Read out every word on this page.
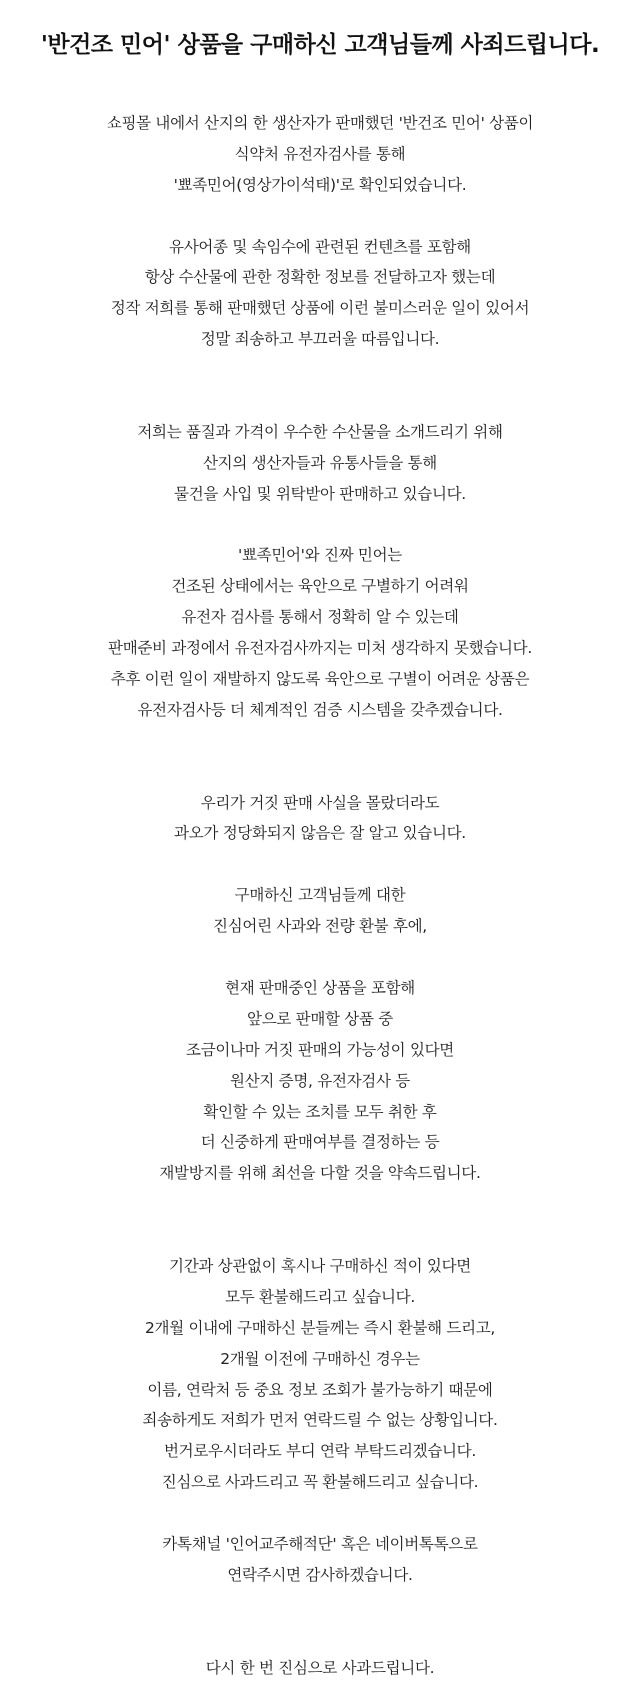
'반건조 민어' 상품을 구매하신 고객님들께 사죄드립니다.
쇼핑몰 내에서 산지의 한 생산자가 판매했던 '반건조 민어' 상품이
식약처 유전자검사를 통해
'뾰족민어(영상가이석태)'로 확인되었습니다.
유사어종 및 속임수에 관련된 컨텐츠를 포함해
항상 수산물에 관한 정확한 정보를 전달하고자 했는데
정작 저희를 통해 판매했던 상품에 이런 불미스러운 일이 있어서
정말 죄송하고 부끄러울 따름입니다.
저희는 품질과 가격이 우수한 수산물을 소개드리기 위해
산지의 생산자들과 유통사들을 통해
물건을 사입 및 위탁받아 판매하고 있습니다.
'뾰족민어'와 진짜 민어는
건조된 상태에서는 육안으로 구별하기 어려워
유전자 검사를 통해서 정확히 알 수 있는데
판매준비 과정에서 유전자검사까지는 미처 생각하지 못했습니다.
추후 이런 일이 재발하지 않도록 육안으로 구별이 어려운 상품은
유전자검사등 더 체계적인 검증 시스템을 갖추겠습니다.
우리가 거짓 판매 사실을 몰랐더라도
과오가 정당화되지 않음은 잘 알고 있습니다.
구매하신 고객님들께 대한
진심어린 사과와 전량 환불 후에,
현재 판매중인 상품을 포함해
앞으로 판매할 상품 중
조금이나마 거짓 판매의 가능성이 있다면
원산지 증명, 유전자검사 등
확인할 수 있는 조치를 모두 취한 후
더 신중하게 판매여부를 결정하는 등
재발방지를 위해 최선을 다할 것을 약속드립니다.
기간과 상관없이 혹시나 구매하신 적이 있다면
모두 환불해드리고 싶습니다.
2개월 이내에 구매하신 분들께는 즉시 환불해 드리고,
2개월 이전에 구매하신 경우는
이름, 연락처 등 중요 정보 조회가 불가능하기 때문에
죄송하게도 저희가 먼저 연락드릴 수 없는 상황입니다.
번거로우시더라도 부디 연락 부탁드리겠습니다.
진심으로 사과드리고 꼭 환불해드리고 싶습니다.
카톡채널 '인어교주해적단' 혹은 네이버톡톡으로
연락주시면 감사하겠습니다.
다시 한 번 진심으로 사과드립니다.
